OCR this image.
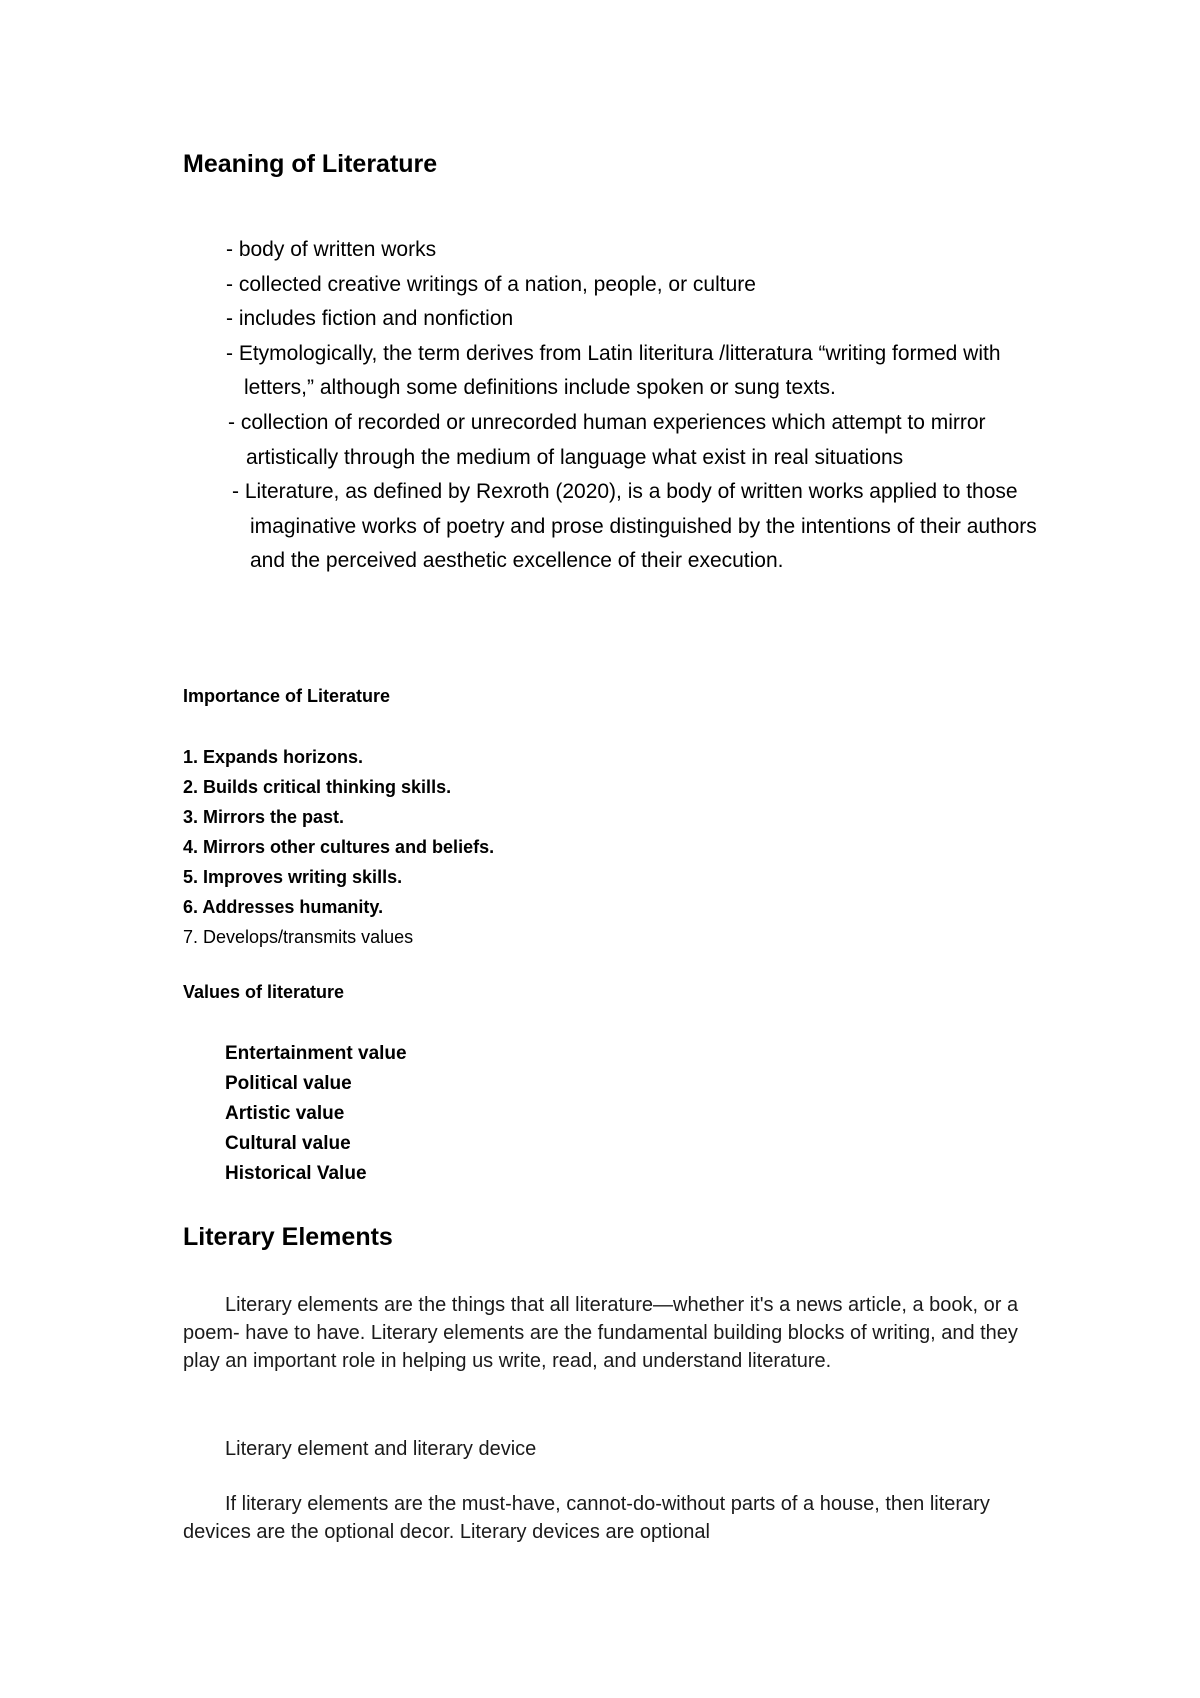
Meaning of Literature
- body of written works
- collected creative writings of a nation, people, or culture
- includes fiction and nonfiction
- Etymologically, the term derives from Latin literitura /litteratura “writing formed with letters,” although some definitions include spoken or sung texts.
- collection of recorded or unrecorded human experiences which attempt to mirror artistically through the medium of language what exist in real situations
- Literature, as defined by Rexroth (2020), is a body of written works applied to those imaginative works of poetry and prose distinguished by the intentions of their authors and the perceived aesthetic excellence of their execution.
Importance of Literature
1. Expands horizons.
2. Builds critical thinking skills.
3. Mirrors the past.
4. Mirrors other cultures and beliefs.
5. Improves writing skills.
6. Addresses humanity.
7. Develops/transmits values
Values of literature
Entertainment value
Political value
Artistic value
Cultural value
Historical Value
Literary Elements

Literary elements are the things that all literature—whether it's a news article, a book, or a poem- have to have. Literary elements are the fundamental building blocks of writing, and they play an important role in helping us write, read, and understand literature.

Literary element and literary device

If literary elements are the must-have, cannot-do-without parts of a house, then literary devices are the optional decor. Literary devices are optional
